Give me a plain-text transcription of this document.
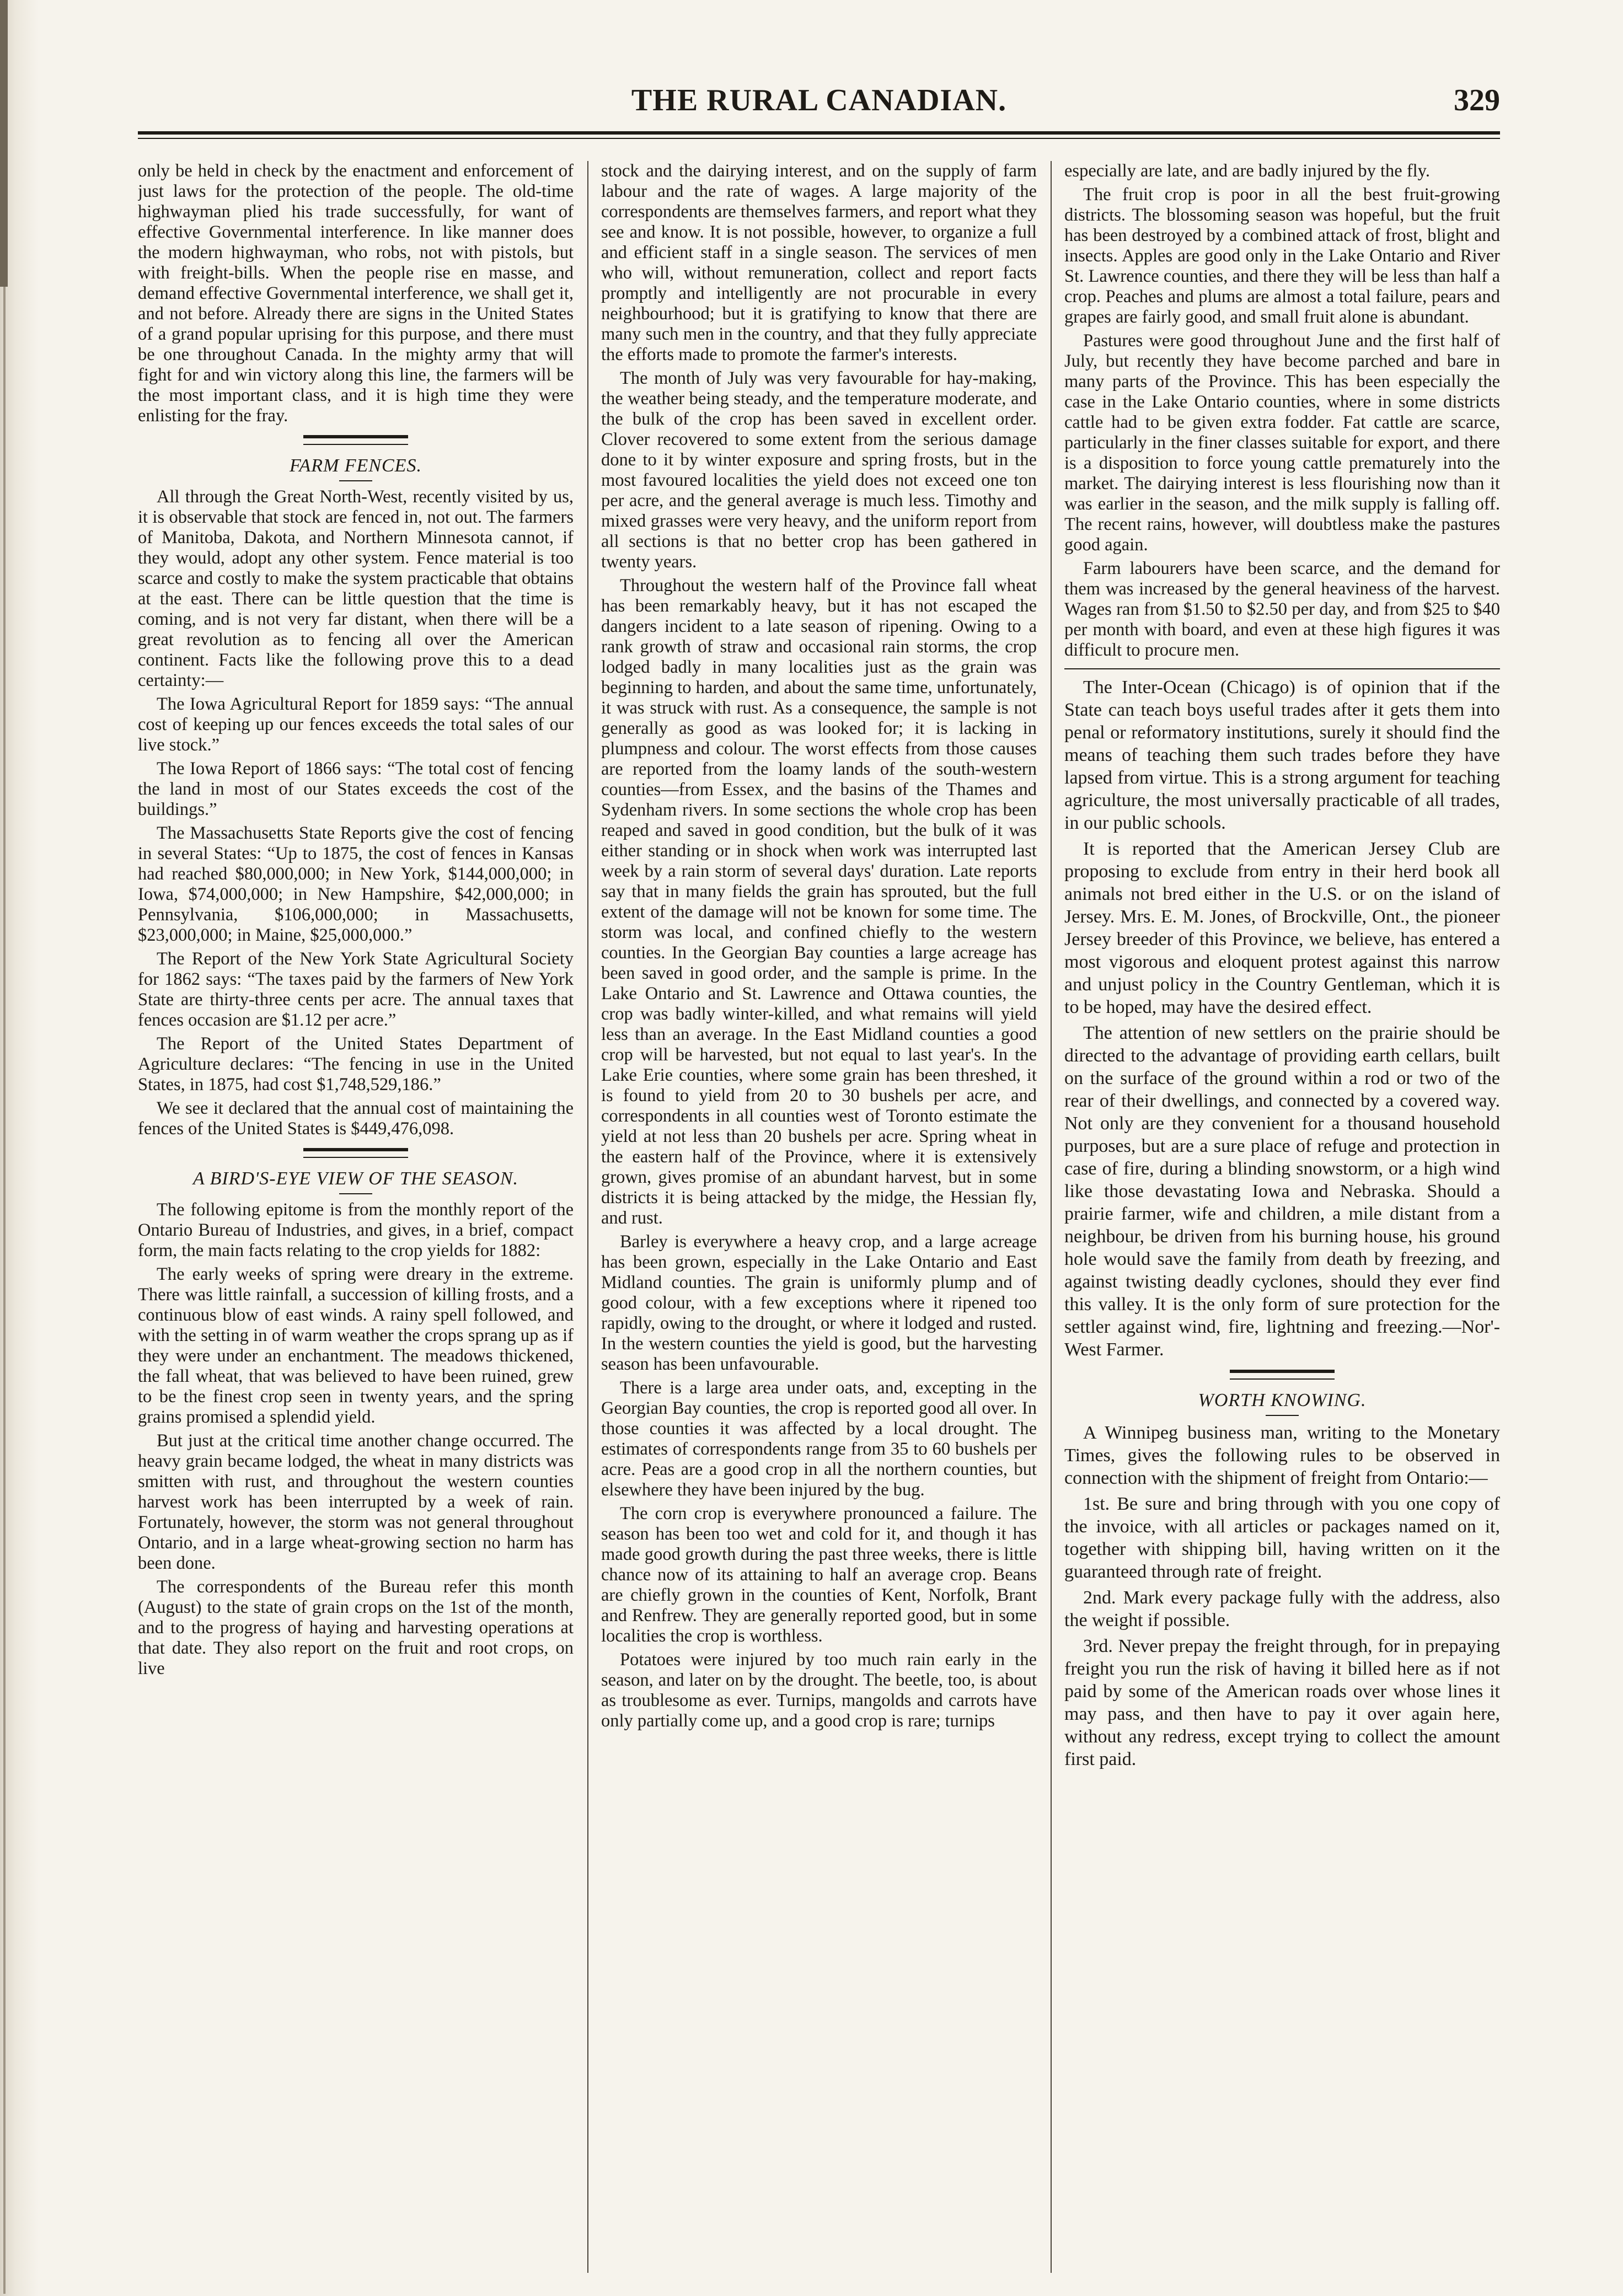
THE RURAL CANADIAN.	329

only be held in check by the enactment and enforcement of just laws for the protection of the people. The old-time highwayman plied his trade successfully, for want of effective Governmental interference. In like manner does the modern highwayman, who robs, not with pistols, but with freight-bills. When the people rise en masse, and demand effective Governmental interference, we shall get it, and not before. Already there are signs in the United States of a grand popular uprising for this purpose, and there must be one throughout Canada. In the mighty army that will fight for and win victory along this line, the farmers will be the most important class, and it is high time they were enlisting for the fray.

FARM FENCES.

All through the Great North-West, recently visited by us, it is observable that stock are fenced in, not out. The farmers of Manitoba, Dakota, and Northern Minnesota cannot, if they would, adopt any other system. Fence material is too scarce and costly to make the system practicable that obtains at the east. There can be little question that the time is coming, and is not very far distant, when there will be a great revolution as to fencing all over the American continent. Facts like the following prove this to a dead certainty:—

The Iowa Agricultural Report for 1859 says: “The annual cost of keeping up our fences exceeds the total sales of our live stock.”

The Iowa Report of 1866 says: “The total cost of fencing the land in most of our States exceeds the cost of the buildings.”

The Massachusetts State Reports give the cost of fencing in several States: “Up to 1875, the cost of fences in Kansas had reached $80,000,000; in New York, $144,000,000; in Iowa, $74,000,000; in New Hampshire, $42,000,000; in Pennsylvania, $106,000,000; in Massachusetts, $23,000,000; in Maine, $25,000,000.”

The Report of the New York State Agricultural Society for 1862 says: “The taxes paid by the farmers of New York State are thirty-three cents per acre. The annual taxes that fences occasion are $1.12 per acre.”

The Report of the United States Department of Agriculture declares: “The fencing in use in the United States, in 1875, had cost $1,748,529,186.”

We see it declared that the annual cost of maintaining the fences of the United States is $449,476,098.

A BIRD'S-EYE VIEW OF THE SEASON.

The following epitome is from the monthly report of the Ontario Bureau of Industries, and gives, in a brief, compact form, the main facts relating to the crop yields for 1882:

The early weeks of spring were dreary in the extreme. There was little rainfall, a succession of killing frosts, and a continuous blow of east winds. A rainy spell followed, and with the setting in of warm weather the crops sprang up as if they were under an enchantment. The meadows thickened, the fall wheat, that was believed to have been ruined, grew to be the finest crop seen in twenty years, and the spring grains promised a splendid yield.

But just at the critical time another change occurred. The heavy grain became lodged, the wheat in many districts was smitten with rust, and throughout the western counties harvest work has been interrupted by a week of rain. Fortunately, however, the storm was not general throughout Ontario, and in a large wheat-growing section no harm has been done.

The correspondents of the Bureau refer this month (August) to the state of grain crops on the 1st of the month, and to the progress of haying and harvesting operations at that date. They also report on the fruit and root crops, on live

stock and the dairying interest, and on the supply of farm labour and the rate of wages. A large majority of the correspondents are themselves farmers, and report what they see and know. It is not possible, however, to organize a full and efficient staff in a single season. The services of men who will, without remuneration, collect and report facts promptly and intelligently are not procurable in every neighbourhood; but it is gratifying to know that there are many such men in the country, and that they fully appreciate the efforts made to promote the farmer's interests.

The month of July was very favourable for hay-making, the weather being steady, and the temperature moderate, and the bulk of the crop has been saved in excellent order. Clover recovered to some extent from the serious damage done to it by winter exposure and spring frosts, but in the most favoured localities the yield does not exceed one ton per acre, and the general average is much less. Timothy and mixed grasses were very heavy, and the uniform report from all sections is that no better crop has been gathered in twenty years.

Throughout the western half of the Province fall wheat has been remarkably heavy, but it has not escaped the dangers incident to a late season of ripening. Owing to a rank growth of straw and occasional rain storms, the crop lodged badly in many localities just as the grain was beginning to harden, and about the same time, unfortunately, it was struck with rust. As a consequence, the sample is not generally as good as was looked for; it is lacking in plumpness and colour. The worst effects from those causes are reported from the loamy lands of the south-western counties—from Essex, and the basins of the Thames and Sydenham rivers. In some sections the whole crop has been reaped and saved in good condition, but the bulk of it was either standing or in shock when work was interrupted last week by a rain storm of several days' duration. Late reports say that in many fields the grain has sprouted, but the full extent of the damage will not be known for some time. The storm was local, and confined chiefly to the western counties. In the Georgian Bay counties a large acreage has been saved in good order, and the sample is prime. In the Lake Ontario and St. Lawrence and Ottawa counties, the crop was badly winter-killed, and what remains will yield less than an average. In the East Midland counties a good crop will be harvested, but not equal to last year's. In the Lake Erie counties, where some grain has been threshed, it is found to yield from 20 to 30 bushels per acre, and correspondents in all counties west of Toronto estimate the yield at not less than 20 bushels per acre. Spring wheat in the eastern half of the Province, where it is extensively grown, gives promise of an abundant harvest, but in some districts it is being attacked by the midge, the Hessian fly, and rust.

Barley is everywhere a heavy crop, and a large acreage has been grown, especially in the Lake Ontario and East Midland counties. The grain is uniformly plump and of good colour, with a few exceptions where it ripened too rapidly, owing to the drought, or where it lodged and rusted. In the western counties the yield is good, but the harvesting season has been unfavourable.

There is a large area under oats, and, excepting in the Georgian Bay counties, the crop is reported good all over. In those counties it was affected by a local drought. The estimates of correspondents range from 35 to 60 bushels per acre. Peas are a good crop in all the northern counties, but elsewhere they have been injured by the bug.

The corn crop is everywhere pronounced a failure. The season has been too wet and cold for it, and though it has made good growth during the past three weeks, there is little chance now of its attaining to half an average crop. Beans are chiefly grown in the counties of Kent, Norfolk, Brant and Renfrew. They are generally reported good, but in some localities the crop is worthless.

Potatoes were injured by too much rain early in the season, and later on by the drought. The beetle, too, is about as troublesome as ever. Turnips, mangolds and carrots have only partially come up, and a good crop is rare; turnips

especially are late, and are badly injured by the fly.

The fruit crop is poor in all the best fruit-growing districts. The blossoming season was hopeful, but the fruit has been destroyed by a combined attack of frost, blight and insects. Apples are good only in the Lake Ontario and River St. Lawrence counties, and there they will be less than half a crop. Peaches and plums are almost a total failure, pears and grapes are fairly good, and small fruit alone is abundant.

Pastures were good throughout June and the first half of July, but recently they have become parched and bare in many parts of the Province. This has been especially the case in the Lake Ontario counties, where in some districts cattle had to be given extra fodder. Fat cattle are scarce, particularly in the finer classes suitable for export, and there is a disposition to force young cattle prematurely into the market. The dairying interest is less flourishing now than it was earlier in the season, and the milk supply is falling off. The recent rains, however, will doubtless make the pastures good again.

Farm labourers have been scarce, and the demand for them was increased by the general heaviness of the harvest. Wages ran from $1.50 to $2.50 per day, and from $25 to $40 per month with board, and even at these high figures it was difficult to procure men.

The Inter-Ocean (Chicago) is of opinion that if the State can teach boys useful trades after it gets them into penal or reformatory institutions, surely it should find the means of teaching them such trades before they have lapsed from virtue. This is a strong argument for teaching agriculture, the most universally practicable of all trades, in our public schools.

It is reported that the American Jersey Club are proposing to exclude from entry in their herd book all animals not bred either in the U.S. or on the island of Jersey. Mrs. E. M. Jones, of Brockville, Ont., the pioneer Jersey breeder of this Province, we believe, has entered a most vigorous and eloquent protest against this narrow and unjust policy in the Country Gentleman, which it is to be hoped, may have the desired effect.

The attention of new settlers on the prairie should be directed to the advantage of providing earth cellars, built on the surface of the ground within a rod or two of the rear of their dwellings, and connected by a covered way. Not only are they convenient for a thousand household purposes, but are a sure place of refuge and protection in case of fire, during a blinding snowstorm, or a high wind like those devastating Iowa and Nebraska. Should a prairie farmer, wife and children, a mile distant from a neighbour, be driven from his burning house, his ground hole would save the family from death by freezing, and against twisting deadly cyclones, should they ever find this valley. It is the only form of sure protection for the settler against wind, fire, lightning and freezing.—Nor'-West Farmer.

WORTH KNOWING.

A Winnipeg business man, writing to the Monetary Times, gives the following rules to be observed in connection with the shipment of freight from Ontario:—

1st. Be sure and bring through with you one copy of the invoice, with all articles or packages named on it, together with shipping bill, having written on it the guaranteed through rate of freight.

2nd. Mark every package fully with the address, also the weight if possible.

3rd. Never prepay the freight through, for in prepaying freight you run the risk of having it billed here as if not paid by some of the American roads over whose lines it may pass, and then have to pay it over again here, without any redress, except trying to collect the amount first paid.
